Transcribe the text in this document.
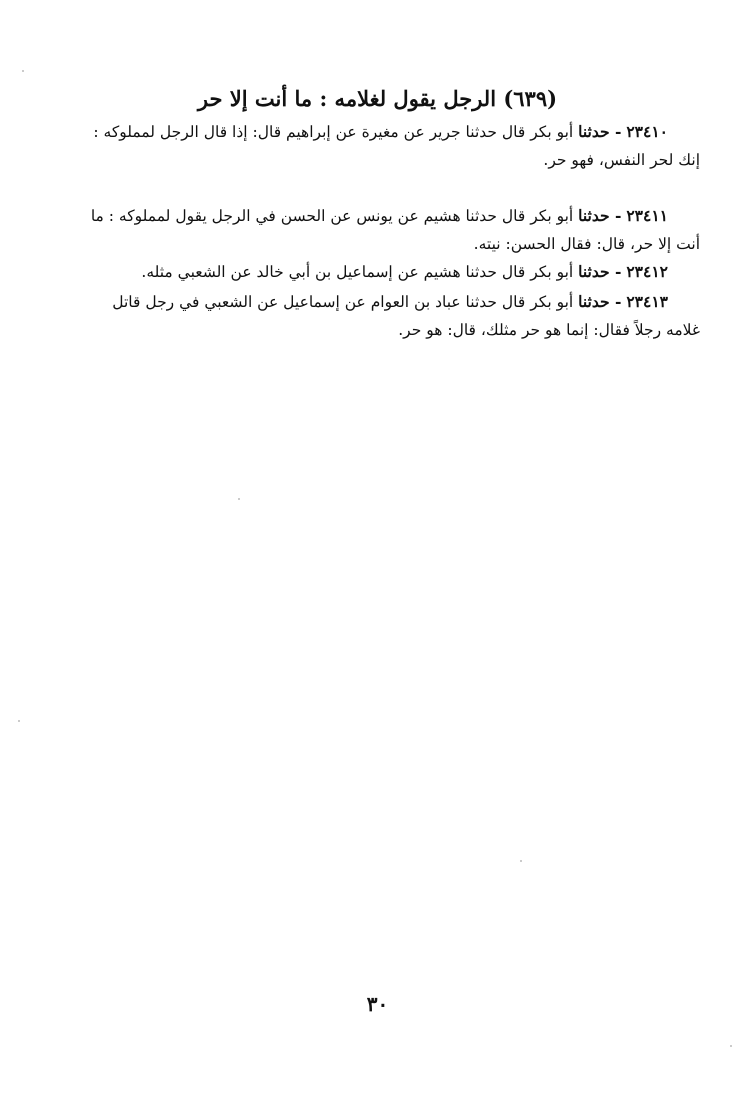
(٦٣٩) الرجل يقول لغلامه : ما أنت إلا حر

٢٣٤١٠ - حدثنا أبو بكر قال حدثنا جرير عن مغيرة عن إبراهيم قال: إذا قال الرجل لمملوكه :

إنك لحر النفس، فهو حر.

٢٣٤١١ - حدثنا أبو بكر قال حدثنا هشيم عن يونس عن الحسن في الرجل يقول لمملوكه : ما

أنت إلا حر، قال: فقال الحسن: نيته.

٢٣٤١٢ - حدثنا أبو بكر قال حدثنا هشيم عن إسماعيل بن أبي خالد عن الشعبي مثله.

٢٣٤١٣ - حدثنا أبو بكر قال حدثنا عباد بن العوام عن إسماعيل عن الشعبي في رجل قاتل

غلامه رجلاً فقال: إنما هو حر مثلك، قال: هو حر.

٣٠
